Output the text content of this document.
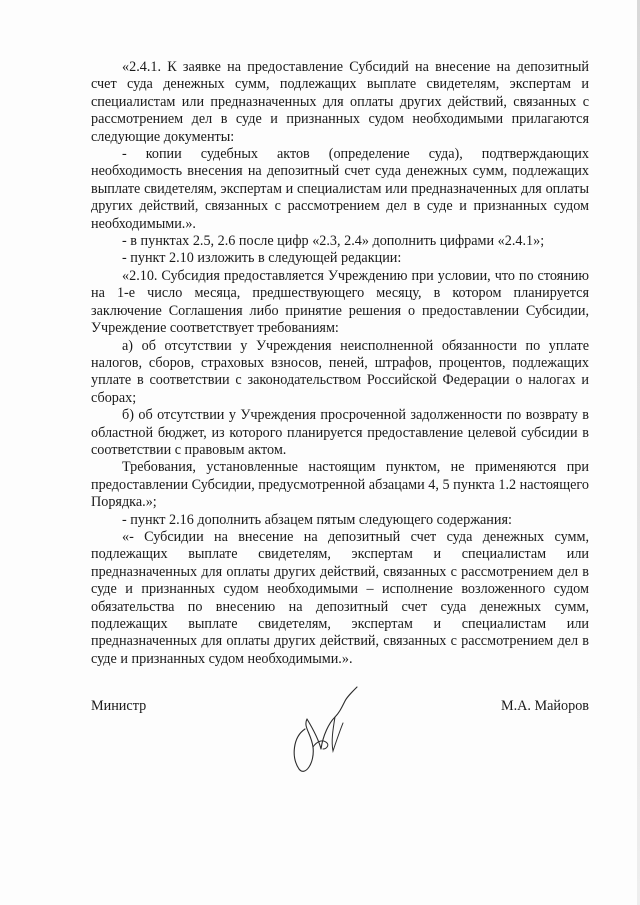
«2.4.1. К заявке на предоставление Субсидий на внесение на депозитный счет суда денежных сумм, подлежащих выплате свидетелям, экспертам и специалистам или предназначенных для оплаты других действий, связанных с рассмотрением дел в суде и признанных судом необходимыми прилагаются следующие документы:

- копии судебных актов (определение суда), подтверждающих необходимость внесения на депозитный счет суда денежных сумм, подлежащих выплате свидетелям, экспертам и специалистам или предназначенных для оплаты других действий, связанных с рассмотрением дел в суде и признанных судом необходимыми.».

- в пунктах 2.5, 2.6 после цифр «2.3, 2.4» дополнить цифрами «2.4.1»;

- пункт 2.10 изложить в следующей редакции:

«2.10. Субсидия предоставляется Учреждению при условии, что по стоянию на 1-е число месяца, предшествующего месяцу, в котором планируется заключение Соглашения либо принятие решения о предоставлении Субсидии, Учреждение соответствует требованиям:

а) об отсутствии у Учреждения неисполненной обязанности по уплате налогов, сборов, страховых взносов, пеней, штрафов, процентов, подлежащих уплате в соответствии с законодательством Российской Федерации о налогах и сборах;

б) об отсутствии у Учреждения просроченной задолженности по возврату в областной бюджет, из которого планируется предоставление целевой субсидии в соответствии с правовым актом.

Требования, установленные настоящим пунктом, не применяются при предоставлении Субсидии, предусмотренной абзацами 4, 5 пункта 1.2 настоящего Порядка.»;

- пункт 2.16 дополнить абзацем пятым следующего содержания:

«- Субсидии на внесение на депозитный счет суда денежных сумм, подлежащих выплате свидетелям, экспертам и специалистам или предназначенных для оплаты других действий, связанных с рассмотрением дел в суде и признанных судом необходимыми – исполнение возложенного судом обязательства по внесению на депозитный счет суда денежных сумм, подлежащих выплате свидетелям, экспертам и специалистам или предназначенных для оплаты других действий, связанных с рассмотрением дел в суде и признанных судом необходимыми.».

Министр	М.А. Майоров
